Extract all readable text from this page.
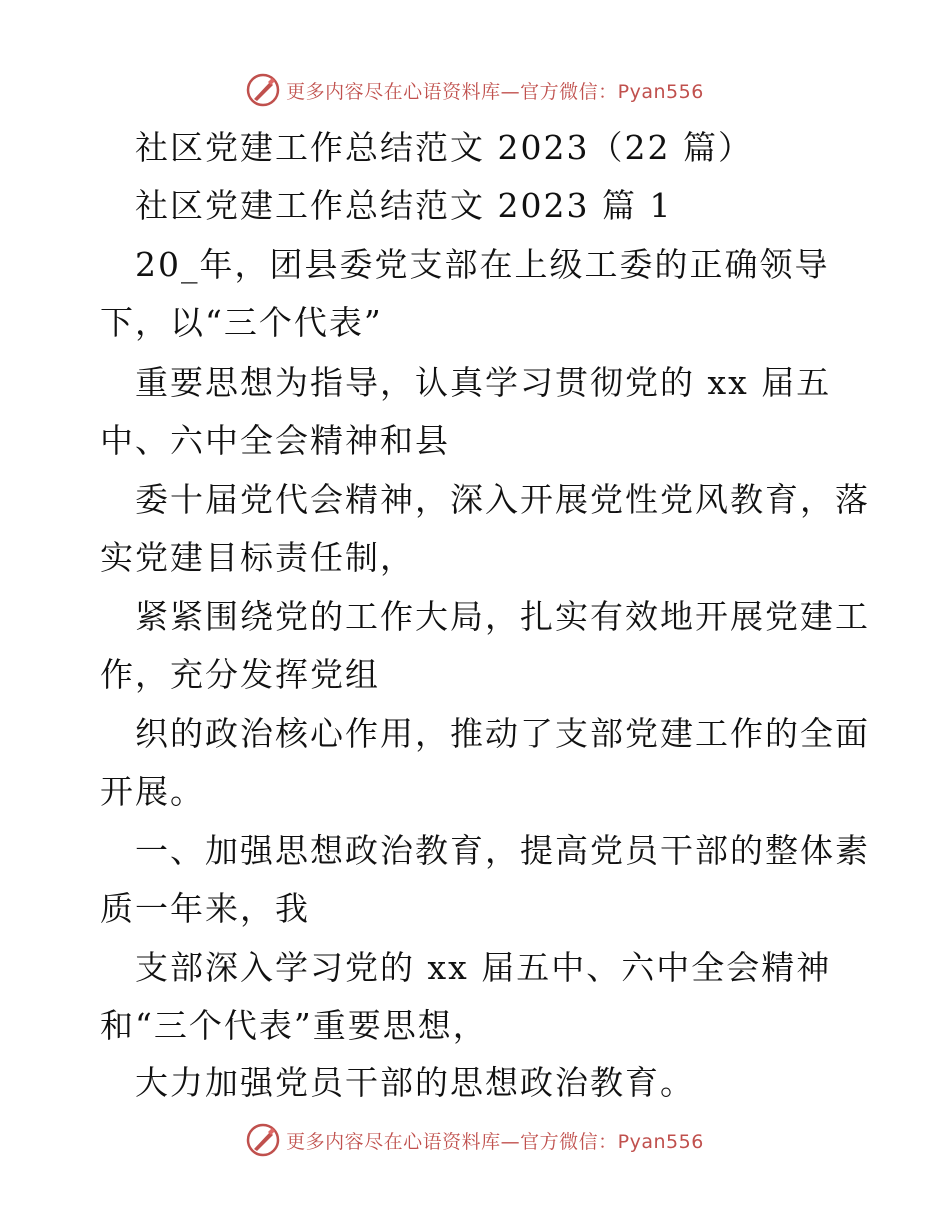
更多内容尽在心语资料库—官方微信：Pyan556
社区党建工作总结范文 2023（22 篇）
社区党建工作总结范文 2023 篇 1
20_年，团县委党支部在上级工委的正确领导
下，以“三个代表”
重要思想为指导，认真学习贯彻党的 xx 届五
中、六中全会精神和县
委十届党代会精神，深入开展党性党风教育，落
实党建目标责任制，
紧紧围绕党的工作大局，扎实有效地开展党建工
作，充分发挥党组
织的政治核心作用，推动了支部党建工作的全面
开展。
一、加强思想政治教育，提高党员干部的整体素
质一年来，我
支部深入学习党的 xx 届五中、六中全会精神
和“三个代表”重要思想，
大力加强党员干部的思想政治教育。
更多内容尽在心语资料库—官方微信：Pyan556
